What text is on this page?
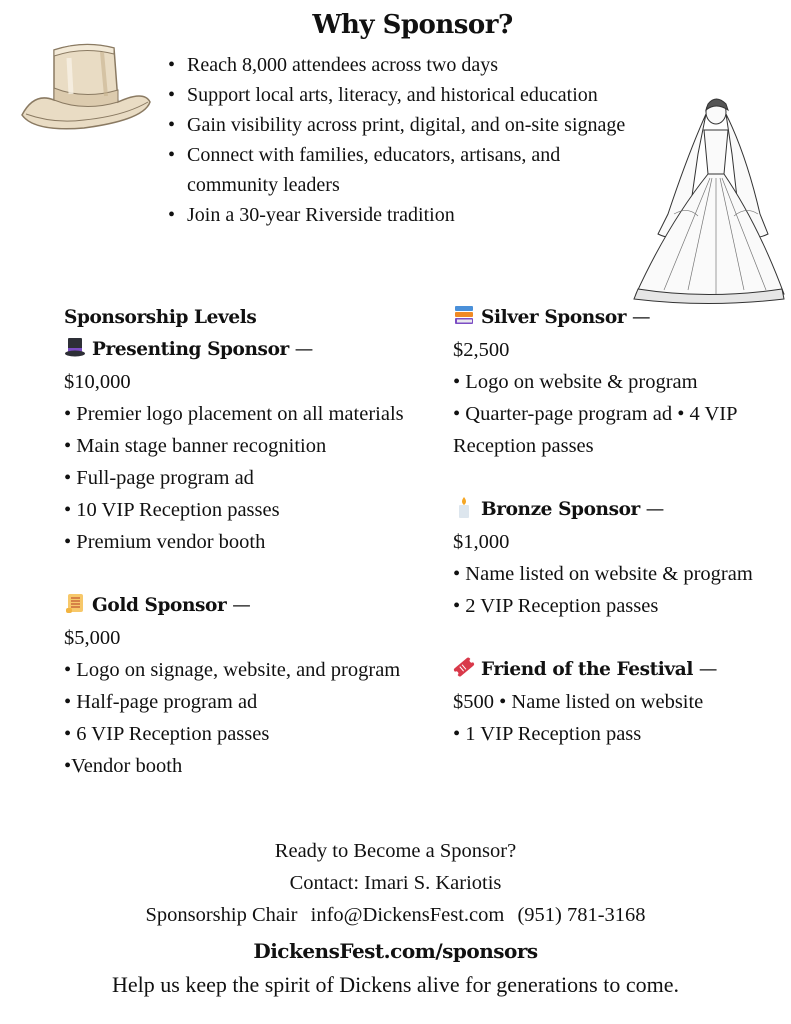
Why Sponsor?
• Reach 8,000 attendees across two days
• Support local arts, literacy, and historical education
• Gain visibility across print, digital, and on-site signage
• Connect with families, educators, artisans, and community leaders
• Join a 30-year Riverside tradition
Sponsorship Levels
Presenting Sponsor —
$10,000
• Premier logo placement on all materials
• Main stage banner recognition
• Full-page program ad
• 10 VIP Reception passes
• Premium vendor booth
Gold Sponsor —
$5,000
• Logo on signage, website, and program
• Half-page program ad
• 6 VIP Reception passes
•Vendor booth
Silver Sponsor —
$2,500
• Logo on website & program
• Quarter-page program ad • 4 VIP Reception passes
Bronze Sponsor —
$1,000
• Name listed on website & program
• 2 VIP Reception passes
Friend of the Festival —
$500 • Name listed on website
• 1 VIP Reception pass
Ready to Become a Sponsor?
Contact: Imari S. Kariotis
Sponsorship Chair info@DickensFest.com (951) 781-3168
DickensFest.com/sponsors
Help us keep the spirit of Dickens alive for generations to come.
